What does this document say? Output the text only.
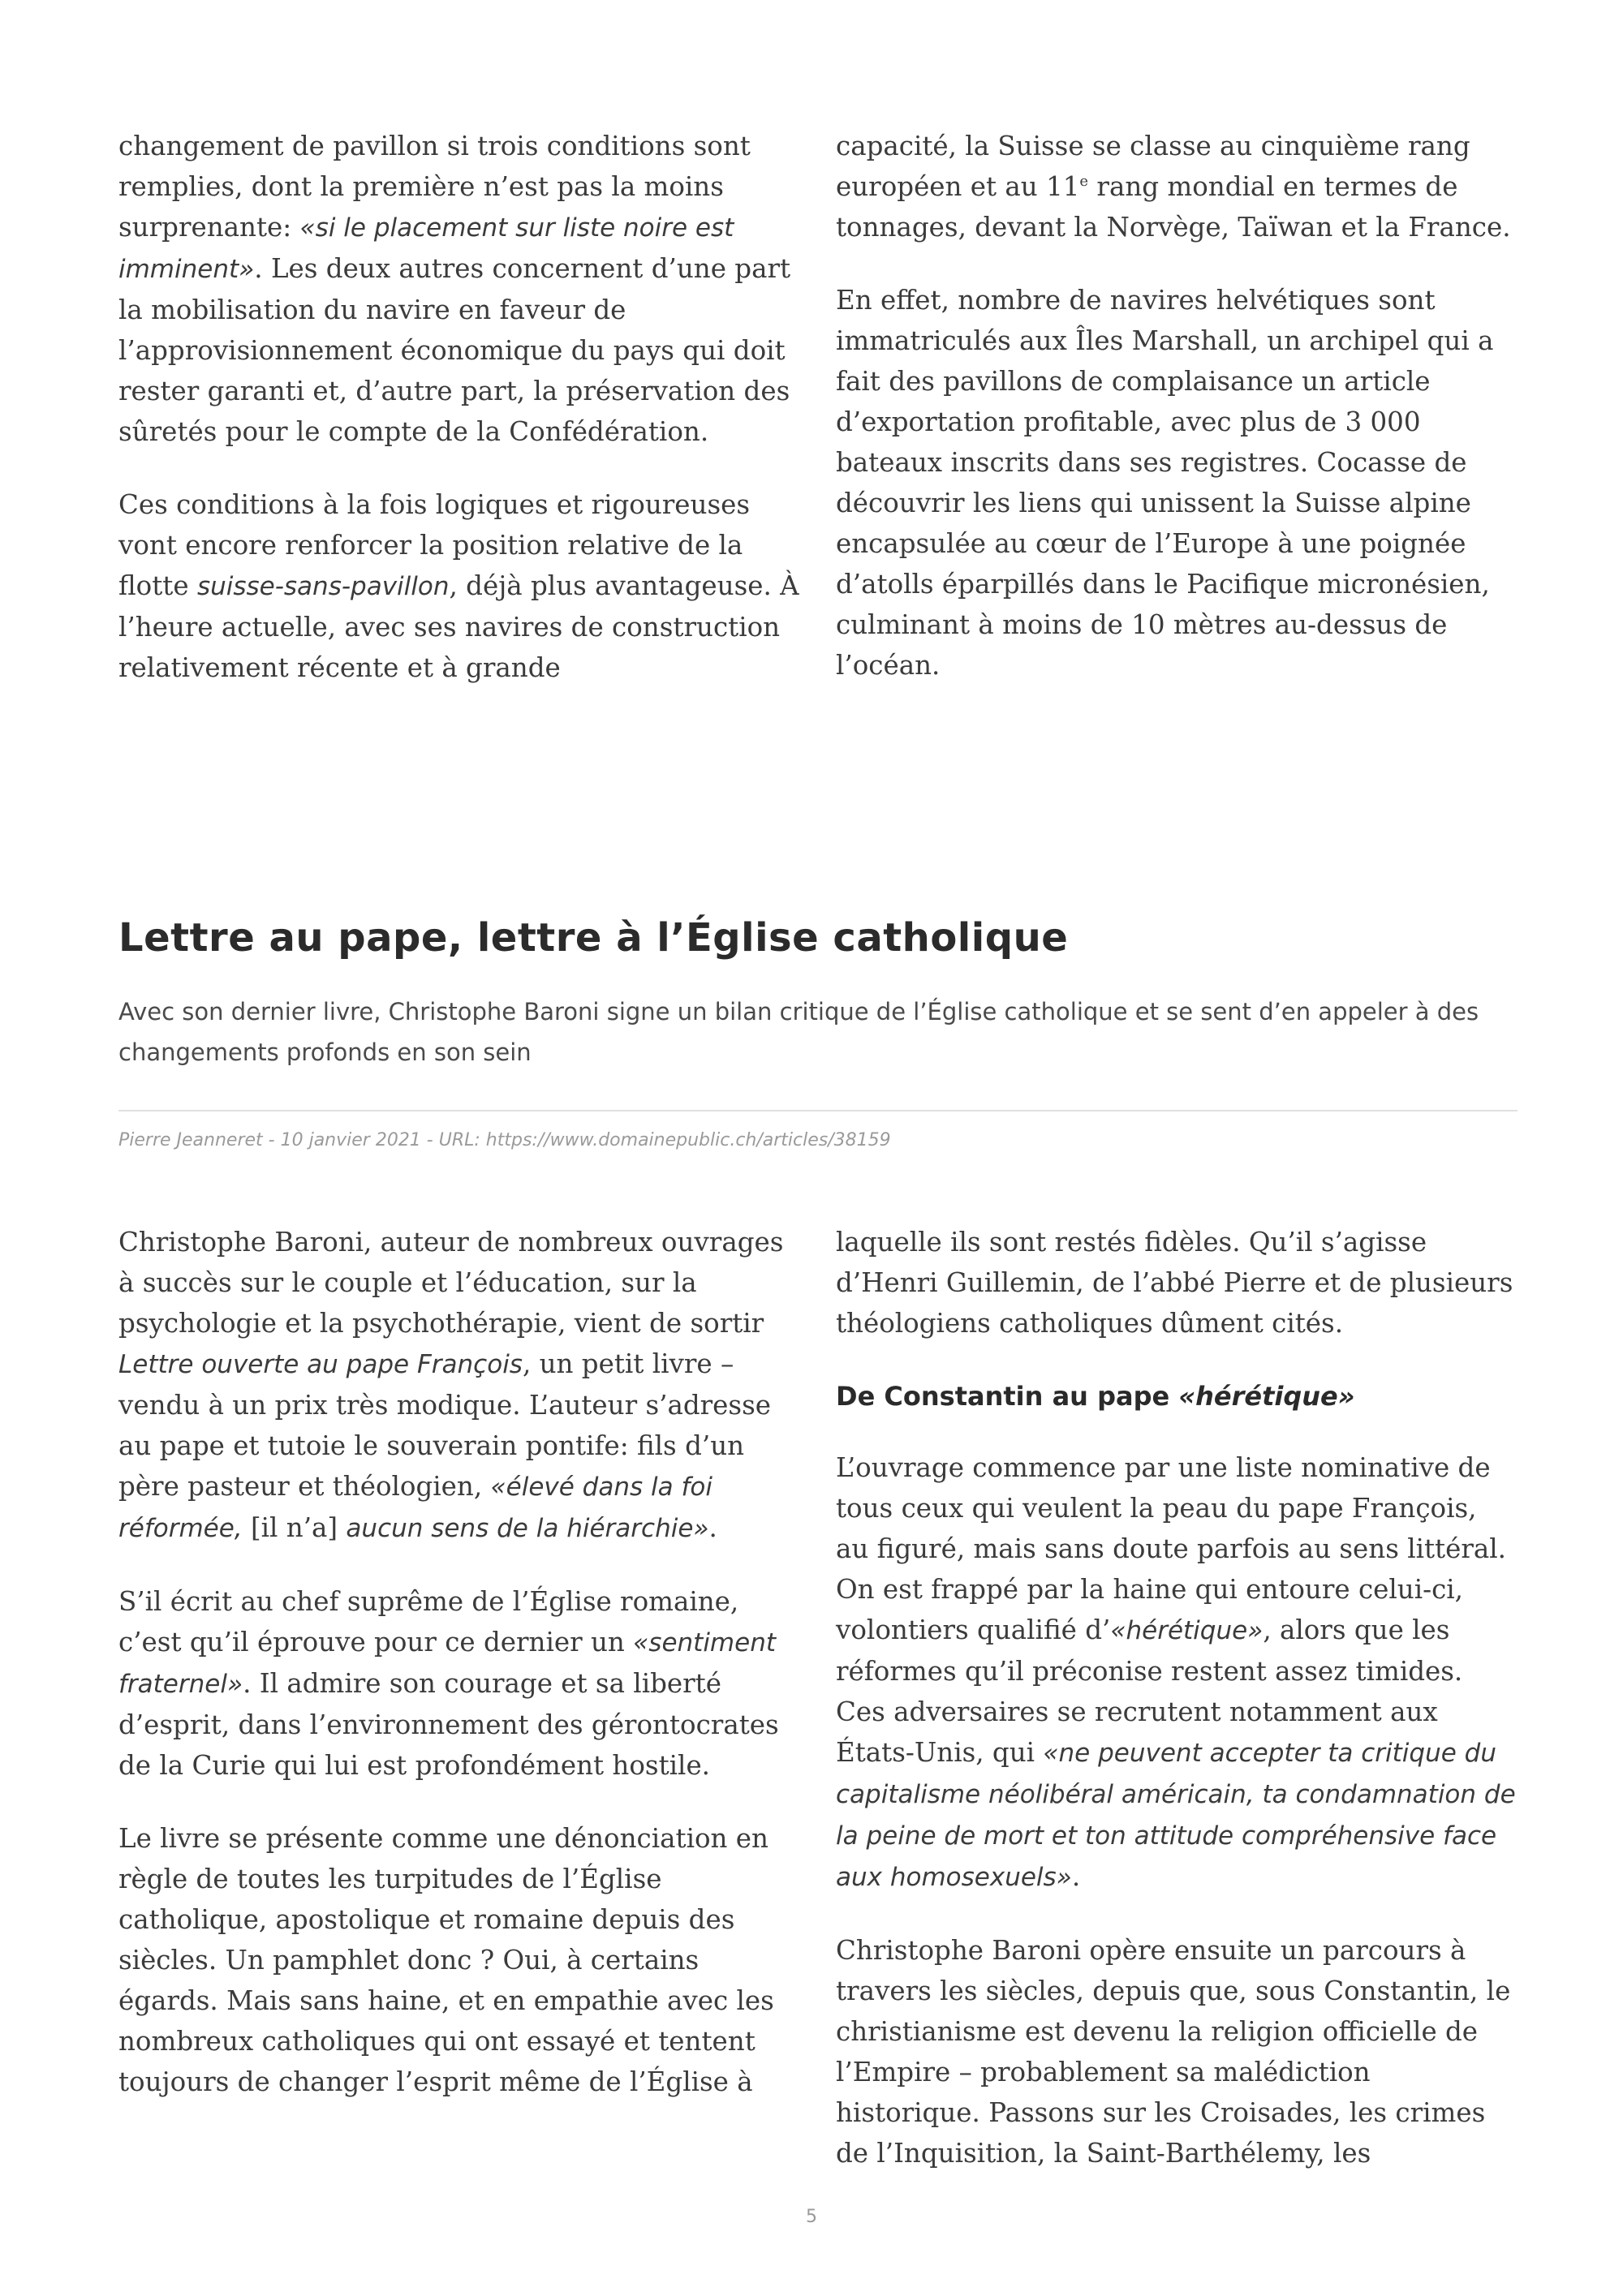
changement de pavillon si trois conditions sont remplies, dont la première n’est pas la moins surprenante: «si le placement sur liste noire est imminent». Les deux autres concernent d’une part la mobilisation du navire en faveur de l’approvisionnement économique du pays qui doit rester garanti et, d’autre part, la préservation des sûretés pour le compte de la Confédération.

Ces conditions à la fois logiques et rigoureuses vont encore renforcer la position relative de la flotte suisse-sans-pavillon, déjà plus avantageuse. À l’heure actuelle, avec ses navires de construction relativement récente et à grande

capacité, la Suisse se classe au cinquième rang européen et au 11e rang mondial en termes de tonnages, devant la Norvège, Taïwan et la France.

En effet, nombre de navires helvétiques sont immatriculés aux Îles Marshall, un archipel qui a fait des pavillons de complaisance un article d’exportation profitable, avec plus de 3 000 bateaux inscrits dans ses registres. Cocasse de découvrir les liens qui unissent la Suisse alpine encapsulée au cœur de l’Europe à une poignée d’atolls éparpillés dans le Pacifique micronésien, culminant à moins de 10 mètres au-dessus de l’océan.

Lettre au pape, lettre à l’Église catholique

Avec son dernier livre, Christophe Baroni signe un bilan critique de l’Église catholique et se sent d’en appeler à des changements profonds en son sein

Pierre Jeanneret - 10 janvier 2021 - URL: https://www.domainepublic.ch/articles/38159

Christophe Baroni, auteur de nombreux ouvrages à succès sur le couple et l’éducation, sur la psychologie et la psychothérapie, vient de sortir Lettre ouverte au pape François, un petit livre – vendu à un prix très modique. L’auteur s’adresse au pape et tutoie le souverain pontife: fils d’un père pasteur et théologien, «élevé dans la foi réformée, [il n’a] aucun sens de la hiérarchie».

S’il écrit au chef suprême de l’Église romaine, c’est qu’il éprouve pour ce dernier un «sentiment fraternel». Il admire son courage et sa liberté d’esprit, dans l’environnement des gérontocrates de la Curie qui lui est profondément hostile.

Le livre se présente comme une dénonciation en règle de toutes les turpitudes de l’Église catholique, apostolique et romaine depuis des siècles. Un pamphlet donc ? Oui, à certains égards. Mais sans haine, et en empathie avec les nombreux catholiques qui ont essayé et tentent toujours de changer l’esprit même de l’Église à

laquelle ils sont restés fidèles. Qu’il s’agisse d’Henri Guillemin, de l’abbé Pierre et de plusieurs théologiens catholiques dûment cités.

De Constantin au pape «hérétique»

L’ouvrage commence par une liste nominative de tous ceux qui veulent la peau du pape François, au figuré, mais sans doute parfois au sens littéral. On est frappé par la haine qui entoure celui-ci, volontiers qualifié d’«hérétique», alors que les réformes qu’il préconise restent assez timides. Ces adversaires se recrutent notamment aux États-Unis, qui «ne peuvent accepter ta critique du capitalisme néolibéral américain, ta condamnation de la peine de mort et ton attitude compréhensive face aux homosexuels».

Christophe Baroni opère ensuite un parcours à travers les siècles, depuis que, sous Constantin, le christianisme est devenu la religion officielle de l’Empire – probablement sa malédiction historique. Passons sur les Croisades, les crimes de l’Inquisition, la Saint-Barthélemy, les

5
